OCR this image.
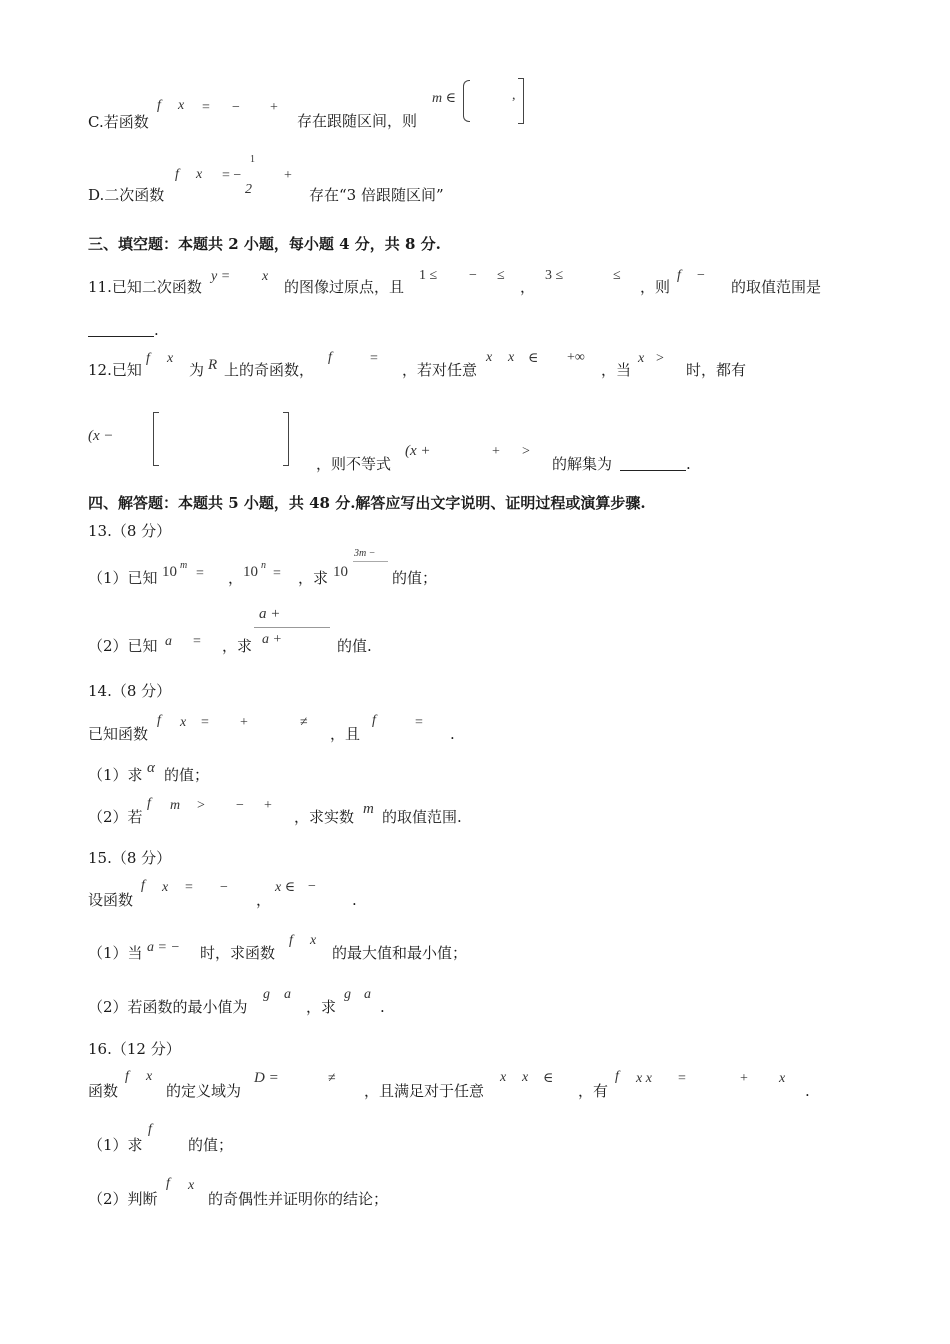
C.若函数
f x = − +
存在跟随区间，则
m ∈	,
D.二次函数
f x = −
1
2
+
存在“3 倍跟随区间”
三、填空题：本题共 2 小题，每小题 4 分，共 8 分.
11.已知二次函数
y = x
的图像过原点，且
1 ≤ − ≤
，
3 ≤	≤
，则
f −
的取值范围是
.
12.已知
f x
为 R 上的奇函数，
f	=
，若对任意
x x ∈ +∞
，当
x >
时，都有
(x −
，则不等式
(x +	+ >
的解集为	.
四、解答题：本题共 5 小题，共 48 分.解答应写出文字说明、证明过程或演算步骤.
13.（8 分）
（1）已知 10 m
= ， 10 n
= ，求 10
3m −
的值；
（2）已知 a = ，求
a +
a +	的值.
14.（8 分）
已知函数
f x = +	≠
，且
f	=
.
（1）求 α 的值；
（2）若
f m > − +
，求实数 m 的取值范围.
15.（8 分）
设函数
f x = −
，
x ∈ −
.
（1）当 a = − 时，求函数
f x
的最大值和最小值；
（2）若函数的最小值为
g a
，求
g a
.
16.（12 分）
函数
f x
的定义域为
D =	≠
，且满足对于任意
x x ∈
，有
f x x =	+ x
.
（1）求
f
的值；
（2）判断
f x
的奇偶性并证明你的结论；
